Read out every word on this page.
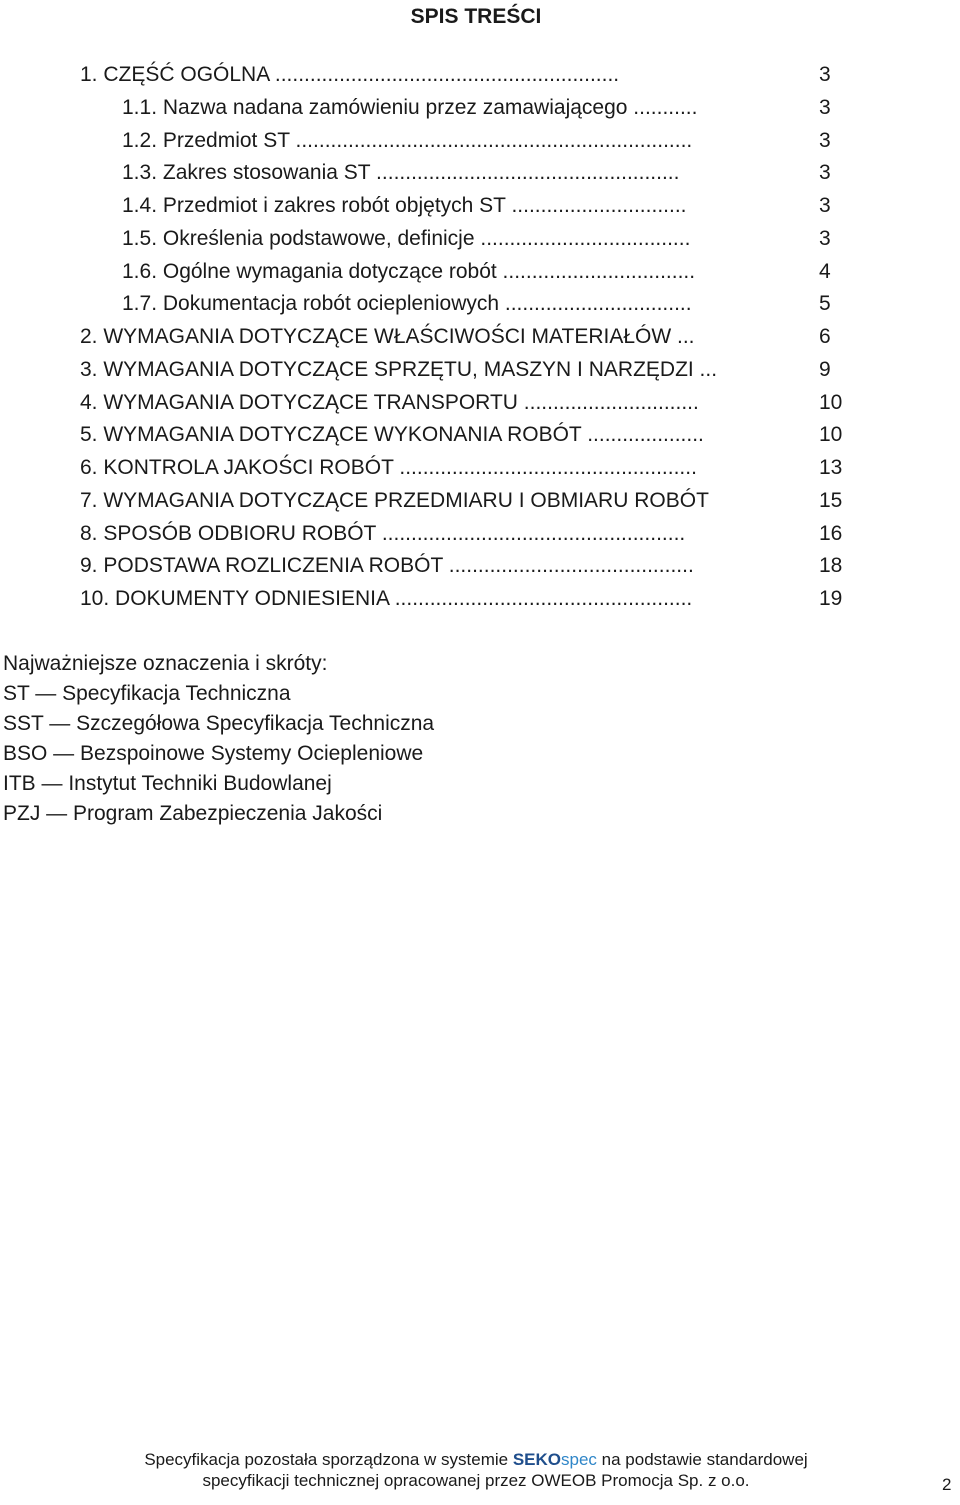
SPIS TREŚCI
1. CZĘŚĆ OGÓLNA ...........................................................	3
1.1. Nazwa nadana zamówieniu przez zamawiającego ...........	3
1.2. Przedmiot ST ....................................................................	3
1.3. Zakres stosowania ST ....................................................	3
1.4. Przedmiot i zakres robót objętych ST ..............................	3
1.5. Określenia podstawowe, definicje ....................................	3
1.6. Ogólne wymagania dotyczące robót .................................	4
1.7. Dokumentacja robót ociepleniowych ................................	5
2. WYMAGANIA DOTYCZĄCE WŁAŚCIWOŚCI MATERIAŁÓW ...	6
3. WYMAGANIA DOTYCZĄCE SPRZĘTU, MASZYN I NARZĘDZI ...	9
4. WYMAGANIA DOTYCZĄCE TRANSPORTU ..............................	10
5. WYMAGANIA DOTYCZĄCE WYKONANIA ROBÓT ....................	10
6. KONTROLA JAKOŚCI ROBÓT ...................................................	13
7. WYMAGANIA DOTYCZĄCE PRZEDMIARU I OBMIARU ROBÓT	15
8. SPOSÓB ODBIORU ROBÓT ....................................................	16
9. PODSTAWA ROZLICZENIA ROBÓT ..........................................	18
10. DOKUMENTY ODNIESIENIA ...................................................	19
Najważniejsze oznaczenia i skróty:
ST — Specyfikacja Techniczna
SST — Szczegółowa Specyfikacja Techniczna
BSO — Bezspoinowe Systemy Ociepleniowe
ITB — Instytut Techniki Budowlanej
PZJ — Program Zabezpieczenia Jakości
Specyfikacja pozostała sporządzona w systemie SEKOspec na podstawie standardowej
specyfikacji technicznej opracowanej przez OWEOB Promocja Sp. z o.o.	2
